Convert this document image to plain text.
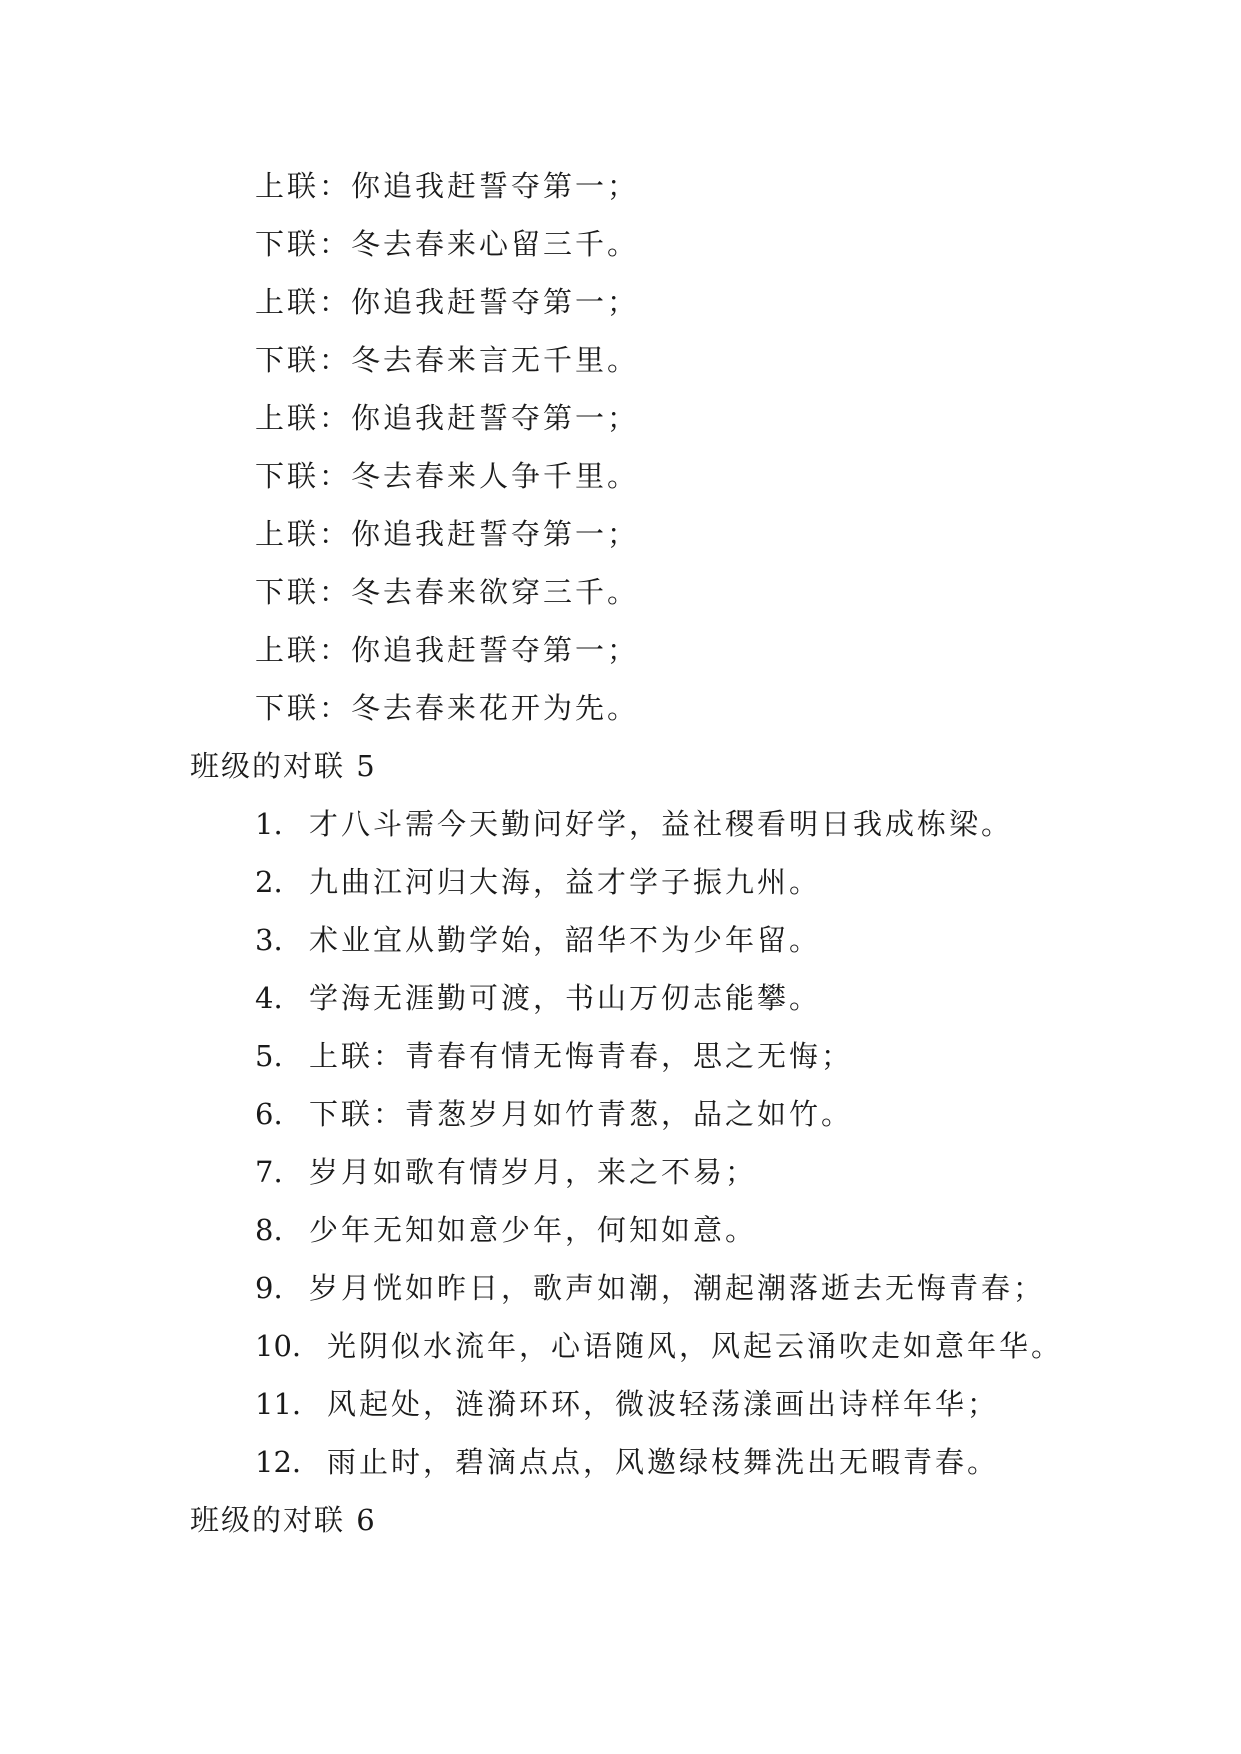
上联：你追我赶誓夺第一；
下联：冬去春来心留三千。
上联：你追我赶誓夺第一；
下联：冬去春来言无千里。
上联：你追我赶誓夺第一；
下联：冬去春来人争千里。
上联：你追我赶誓夺第一；
下联：冬去春来欲穿三千。
上联：你追我赶誓夺第一；
下联：冬去春来花开为先。
班级的对联 5
1. 才八斗需今天勤问好学，益社稷看明日我成栋梁。
2. 九曲江河归大海，益才学子振九州。
3. 术业宜从勤学始，韶华不为少年留。
4. 学海无涯勤可渡，书山万仞志能攀。
5. 上联：青春有情无悔青春，思之无悔；
6. 下联：青葱岁月如竹青葱，品之如竹。
7. 岁月如歌有情岁月，来之不易；
8. 少年无知如意少年，何知如意。
9. 岁月恍如昨日，歌声如潮，潮起潮落逝去无悔青春；
10. 光阴似水流年，心语随风，风起云涌吹走如意年华。
11. 风起处，涟漪环环，微波轻荡漾画出诗样年华；
12. 雨止时，碧滴点点，风邀绿枝舞洗出无暇青春。
班级的对联 6
